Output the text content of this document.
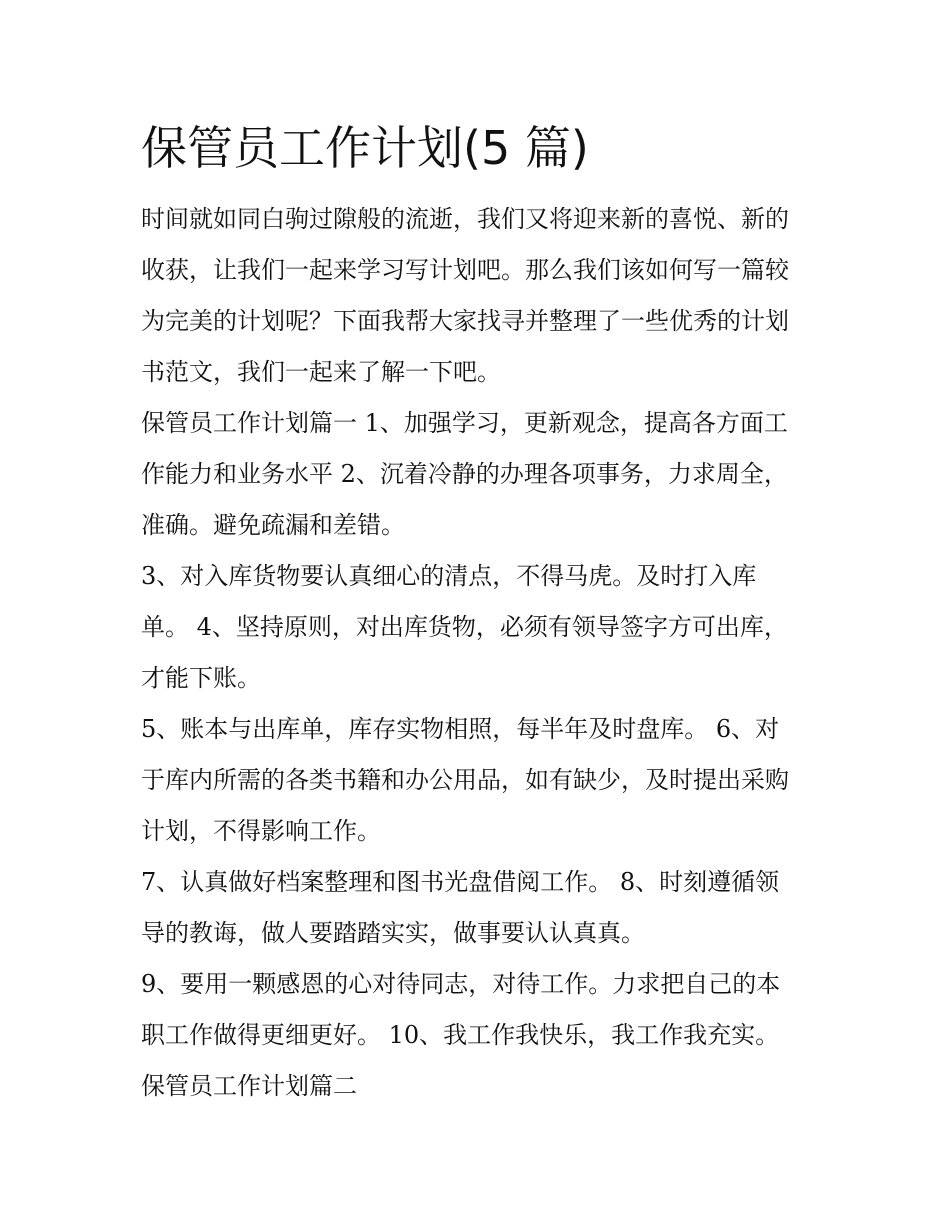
保管员工作计划(5 篇)

时间就如同白驹过隙般的流逝，我们又将迎来新的喜悦、新的
收获，让我们一起来学习写计划吧。那么我们该如何写一篇较
为完美的计划呢？下面我帮大家找寻并整理了一些优秀的计划
书范文，我们一起来了解一下吧。

保管员工作计划篇一 1、加强学习，更新观念，提高各方面工
作能力和业务水平 2、沉着冷静的办理各项事务，力求周全，
准确。避免疏漏和差错。

3、对入库货物要认真细心的清点，不得马虎。及时打入库
单。 4、坚持原则，对出库货物，必须有领导签字方可出库，
才能下账。

5、账本与出库单，库存实物相照，每半年及时盘库。 6、对
于库内所需的各类书籍和办公用品，如有缺少，及时提出采购
计划，不得影响工作。

7、认真做好档案整理和图书光盘借阅工作。 8、时刻遵循领
导的教诲，做人要踏踏实实，做事要认认真真。

9、要用一颗感恩的心对待同志，对待工作。力求把自己的本
职工作做得更细更好。 10、我工作我快乐，我工作我充实。

保管员工作计划篇二
